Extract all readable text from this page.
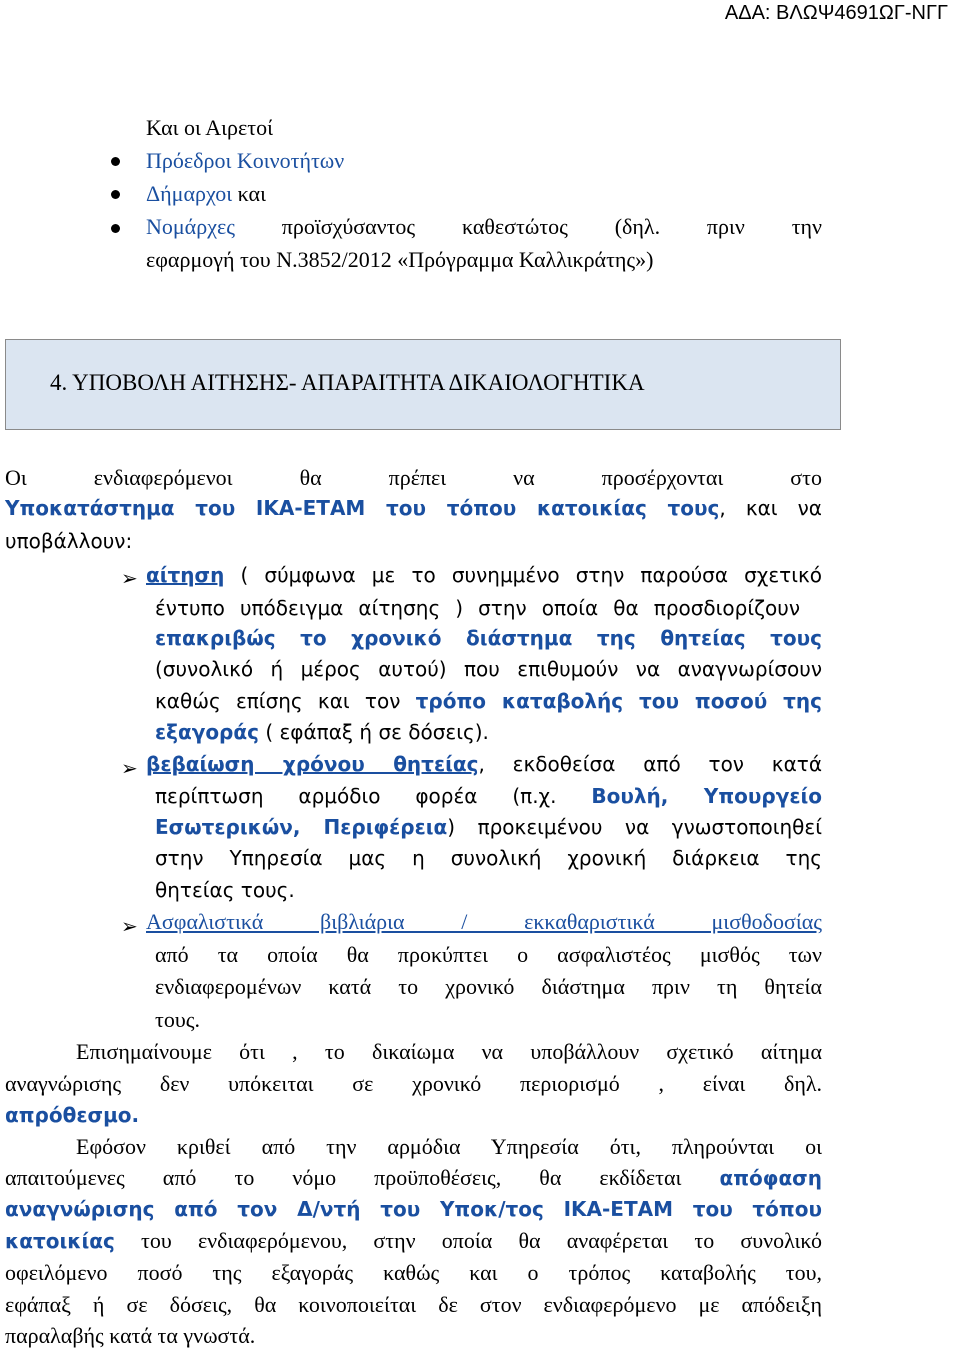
ΑΔΑ: ΒΛΩΨ4691ΩΓ-ΝΓΓ
Και οι Αιρετοί
Πρόεδροι Κοινοτήτων
Δήμαρχοι και
Νομάρχες προϊσχύσαντος καθεστώτος (δηλ. πριν την
εφαρμογή του Ν.3852/2012 «Πρόγραμμα Καλλικράτης»)
4. ΥΠΟΒΟΛΗ ΑΙΤΗΣΗΣ- ΑΠΑΡΑΙΤΗΤΑ ΔΙΚΑΙΟΛΟΓΗΤΙΚΑ
Οι ενδιαφερόμενοι θα πρέπει να προσέρχονται στο
Υποκατάστημα του ΙΚΑ-ΕΤΑΜ του τόπου κατοικίας τους, και να
υποβάλλουν:
➢ αίτηση ( σύμφωνα με το συνημμένο στην παρούσα σχετικό
έντυπο υπόδειγμα αίτησης ) στην οποία θα προσδιορίζουν
επακριβώς το χρονικό διάστημα της θητείας τους
(συνολικό ή μέρος αυτού) που επιθυμούν να αναγνωρίσουν
καθώς επίσης και τον τρόπο καταβολής του ποσού της
εξαγοράς ( εφάπαξ ή σε δόσεις).
➢ βεβαίωση χρόνου θητείας, εκδοθείσα από τον κατά
περίπτωση αρμόδιο φορέα (π.χ. Βουλή, Υπουργείο
Εσωτερικών, Περιφέρεια) προκειμένου να γνωστοποιηθεί
στην Υπηρεσία μας η συνολική χρονική διάρκεια της
θητείας τους.
➢ Ασφαλιστικά βιβλιάρια / εκκαθαριστικά μισθοδοσίας
από τα οποία θα προκύπτει ο ασφαλιστέος μισθός των
ενδιαφερομένων κατά το χρονικό διάστημα πριν τη θητεία
τους.
Επισημαίνουμε ότι , το δικαίωμα να υποβάλλουν σχετικό αίτημα
αναγνώρισης δεν υπόκειται σε χρονικό περιορισμό , είναι δηλ.
απρόθεσμο.
Εφόσον κριθεί από την αρμόδια Υπηρεσία ότι, πληρούνται οι
απαιτούμενες από το νόμο προϋποθέσεις, θα εκδίδεται απόφαση
αναγνώρισης από τον Δ/ντή του Υποκ/τος ΙΚΑ-ΕΤΑΜ του τόπου
κατοικίας του ενδιαφερόμενου, στην οποία θα αναφέρεται το συνολικό
οφειλόμενο ποσό της εξαγοράς καθώς και ο τρόπος καταβολής του,
εφάπαξ ή σε δόσεις, θα κοινοποιείται δε στον ενδιαφερόμενο με απόδειξη
παραλαβής κατά τα γνωστά.
